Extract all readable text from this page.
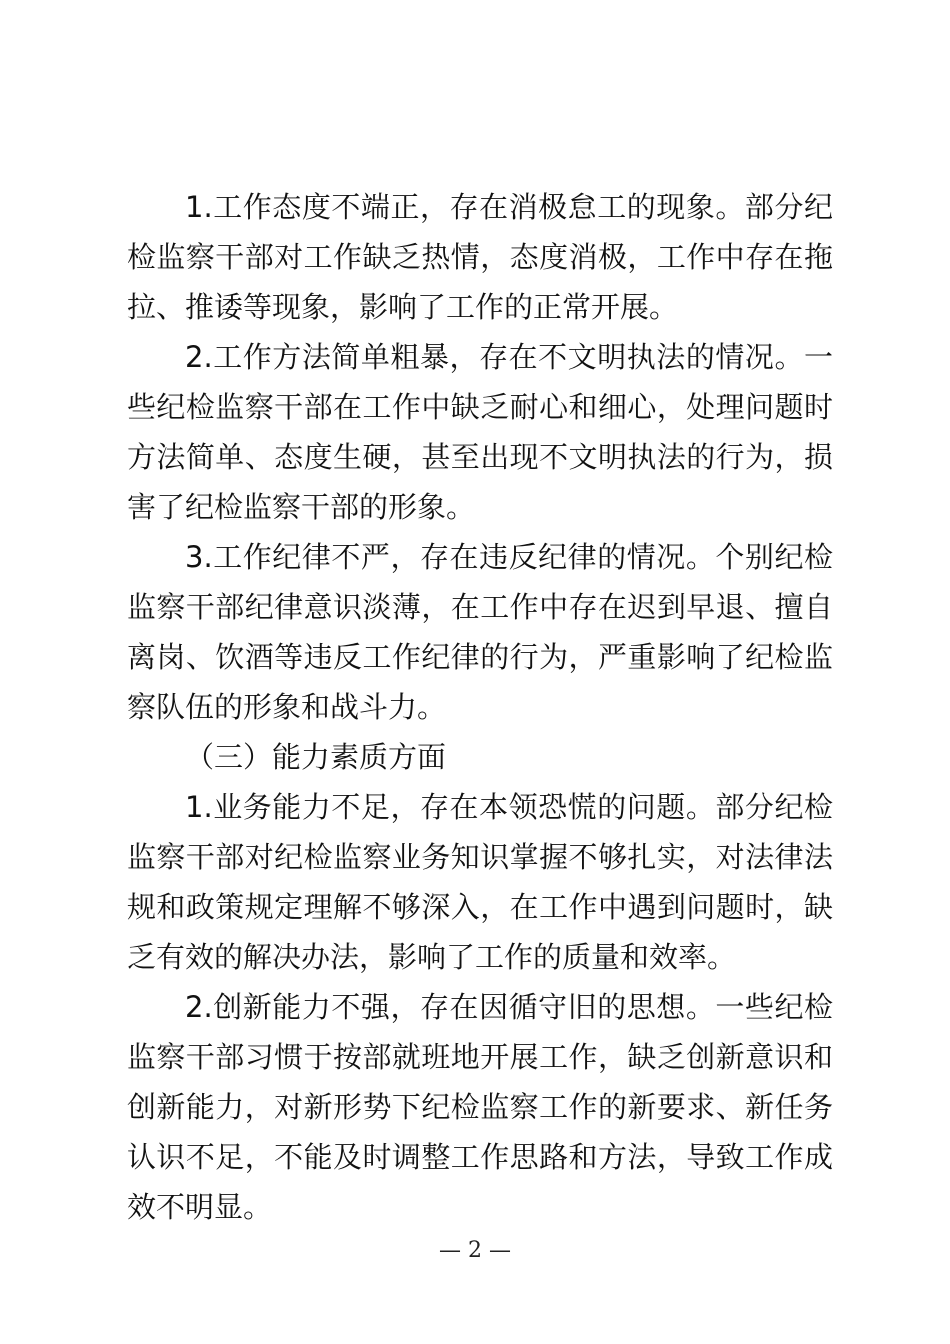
1.工作态度不端正，存在消极怠工的现象。部分纪检监察干部对工作缺乏热情，态度消极，工作中存在拖拉、推诿等现象，影响了工作的正常开展。

2.工作方法简单粗暴，存在不文明执法的情况。一些纪检监察干部在工作中缺乏耐心和细心，处理问题时方法简单、态度生硬，甚至出现不文明执法的行为，损害了纪检监察干部的形象。

3.工作纪律不严，存在违反纪律的情况。个别纪检监察干部纪律意识淡薄，在工作中存在迟到早退、擅自离岗、饮酒等违反工作纪律的行为，严重影响了纪检监察队伍的形象和战斗力。

（三）能力素质方面

1.业务能力不足，存在本领恐慌的问题。部分纪检监察干部对纪检监察业务知识掌握不够扎实，对法律法规和政策规定理解不够深入，在工作中遇到问题时，缺乏有效的解决办法，影响了工作的质量和效率。

2.创新能力不强，存在因循守旧的思想。一些纪检监察干部习惯于按部就班地开展工作，缺乏创新意识和创新能力，对新形势下纪检监察工作的新要求、新任务认识不足，不能及时调整工作思路和方法，导致工作成效不明显。

— 2 —
